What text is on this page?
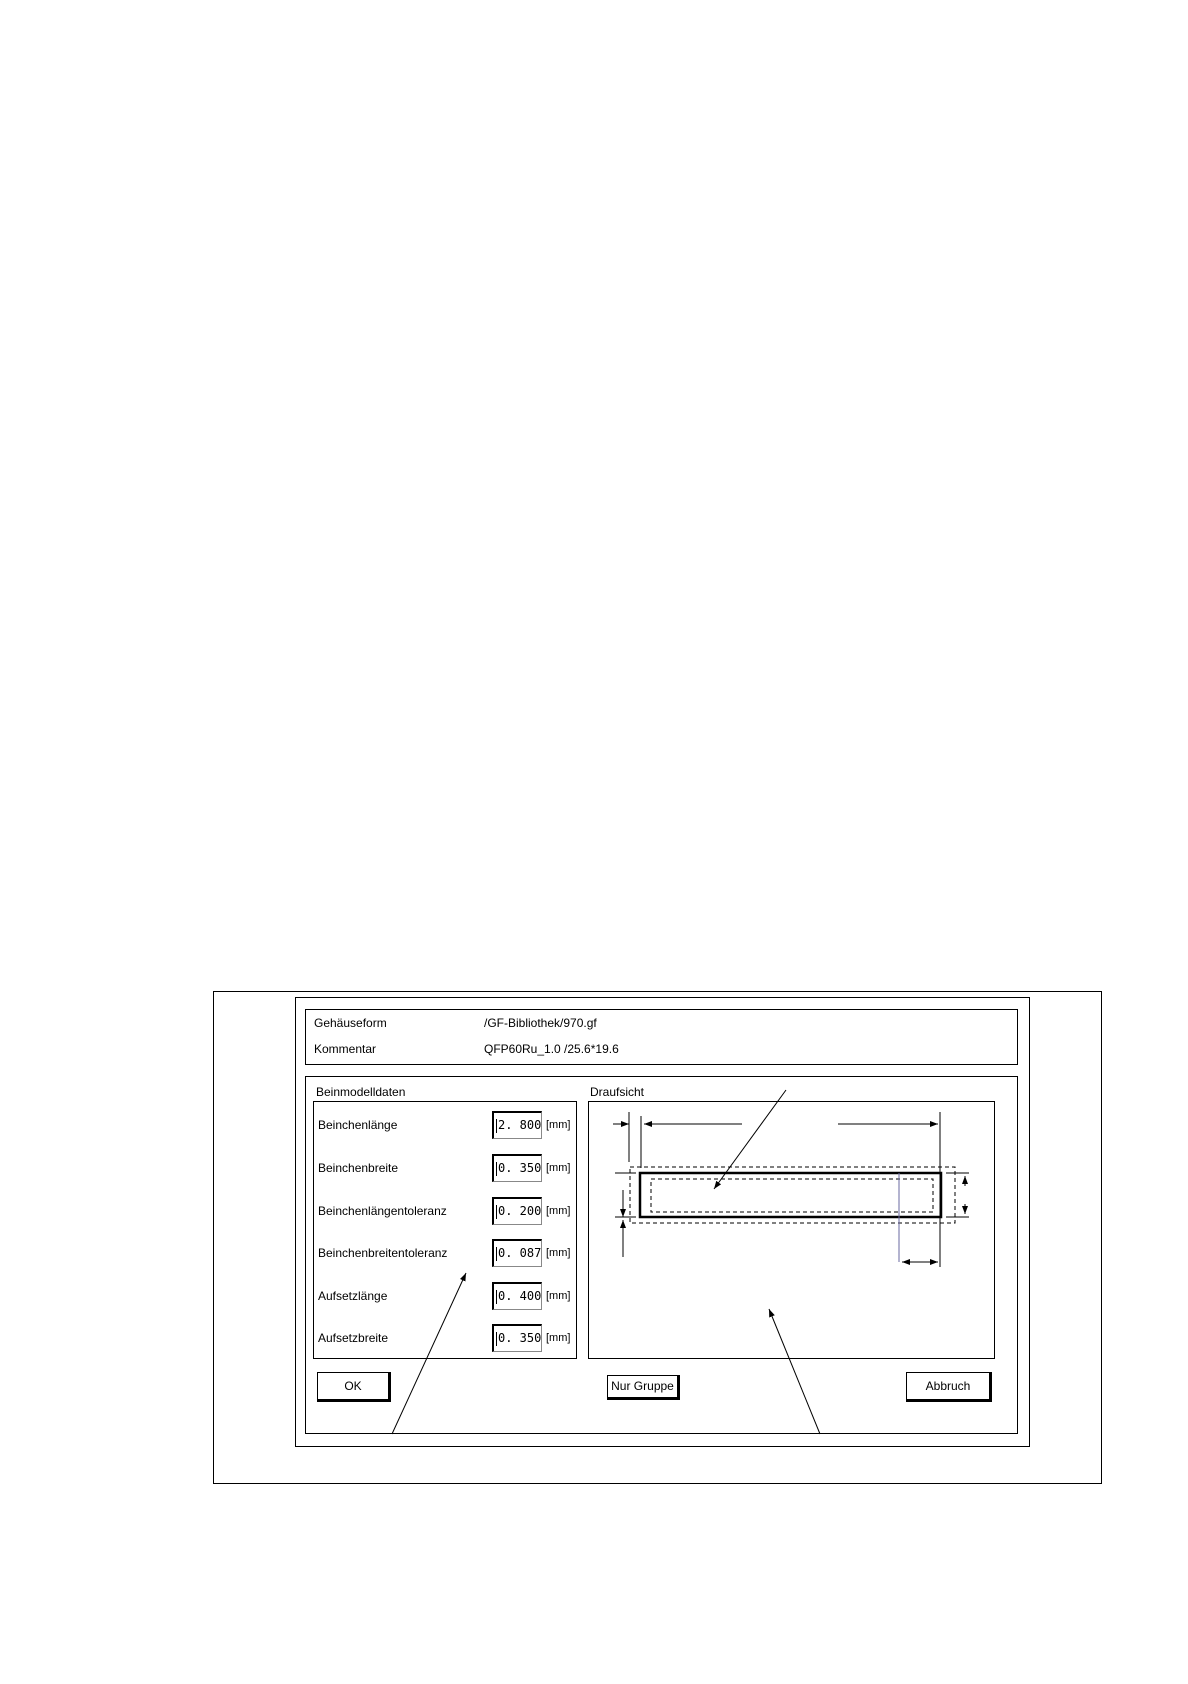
Gehäuseform	/GF-Bibliothek/970.gf
Kommentar	QFP60Ru_1.0 /25.6*19.6
Beinmodelldaten
Beinchenlänge	2. 800 [mm]
Beinchenbreite	0. 350 [mm]
Beinchenlängentoleranz	0. 200 [mm]
Beinchenbreitentoleranz	0. 087 [mm]
Aufsetzlänge	0. 400 [mm]
Aufsetzbreite	0. 350 [mm]
Draufsicht
OK	Nur Gruppe	Abbruch
